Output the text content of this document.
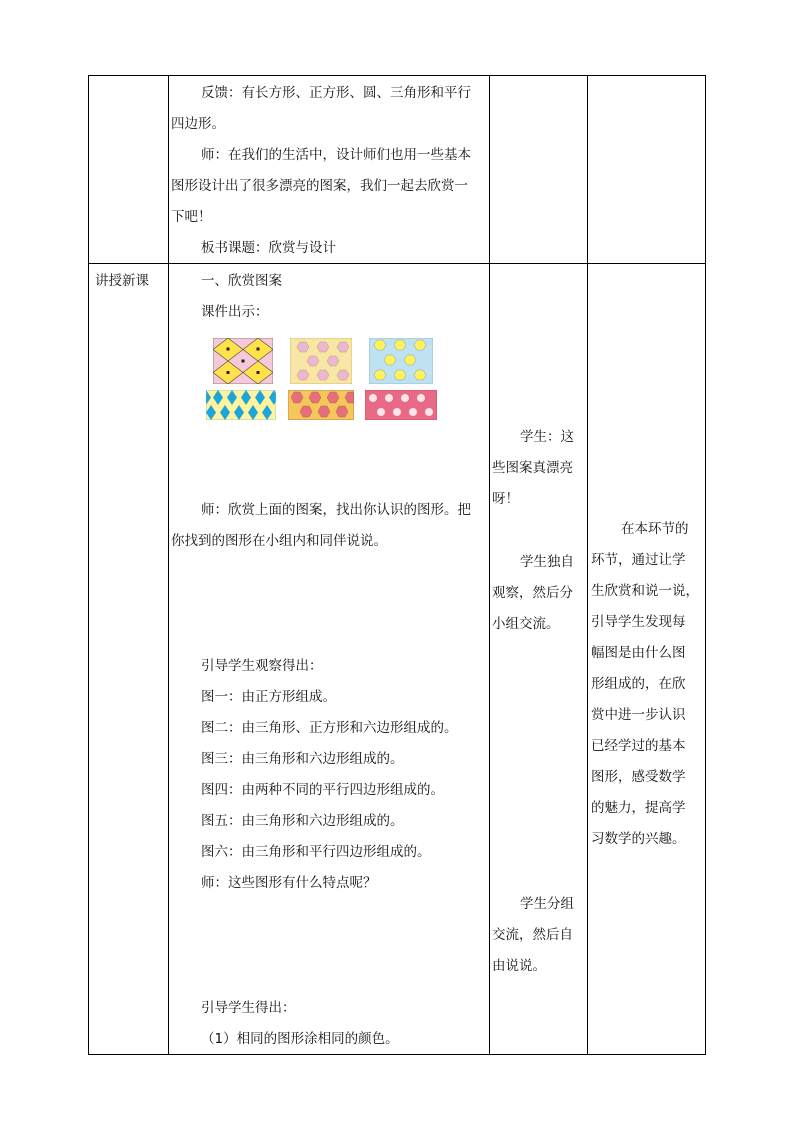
反馈：有长方形、正方形、圆、三角形和平行
四边形。
师：在我们的生活中，设计师们也用一些基本
图形设计出了很多漂亮的图案，我们一起去欣赏一
下吧！
板书课题：欣赏与设计
讲授新课	一、欣赏图案
课件出示：
师：欣赏上面的图案，找出你认识的图形。把
你找到的图形在小组内和同伴说说。
引导学生观察得出：
图一：由正方形组成。
图二：由三角形、正方形和六边形组成的。
图三：由三角形和六边形组成的。
图四：由两种不同的平行四边形组成的。
图五：由三角形和六边形组成的。
图六：由三角形和平行四边形组成的。
师：这些图形有什么特点呢？
引导学生得出：
（1）相同的图形涂相同的颜色。
学生：这
些图案真漂亮
呀！
学生独自
观察，然后分
小组交流。
学生分组
交流，然后自
由说说。
在本环节的
环节，通过让学
生欣赏和说一说，
引导学生发现每
幅图是由什么图
形组成的，在欣
赏中进一步认识
已经学过的基本
图形，感受数学
的魅力，提高学
习数学的兴趣。
